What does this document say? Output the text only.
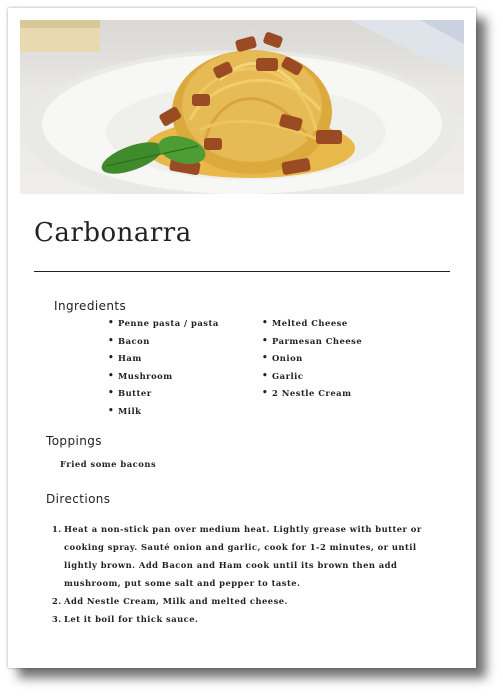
Carbonarra
Ingredients
• Penne pasta / pasta
• Bacon
• Ham
• Mushroom
• Butter
• Milk
• Melted Cheese
• Parmesan Cheese
• Onion
• Garlic
• 2 Nestle Cream
Toppings
Fried some bacons
Directions
1. Heat a non-stick pan over medium heat. Lightly grease with butter or cooking spray. Sauté onion and garlic, cook for 1-2 minutes, or until lightly brown. Add Bacon and Ham cook until its brown then add mushroom, put some salt and pepper to taste.
2. Add Nestle Cream, Milk and melted cheese.
3. Let it boil for thick sauce.
